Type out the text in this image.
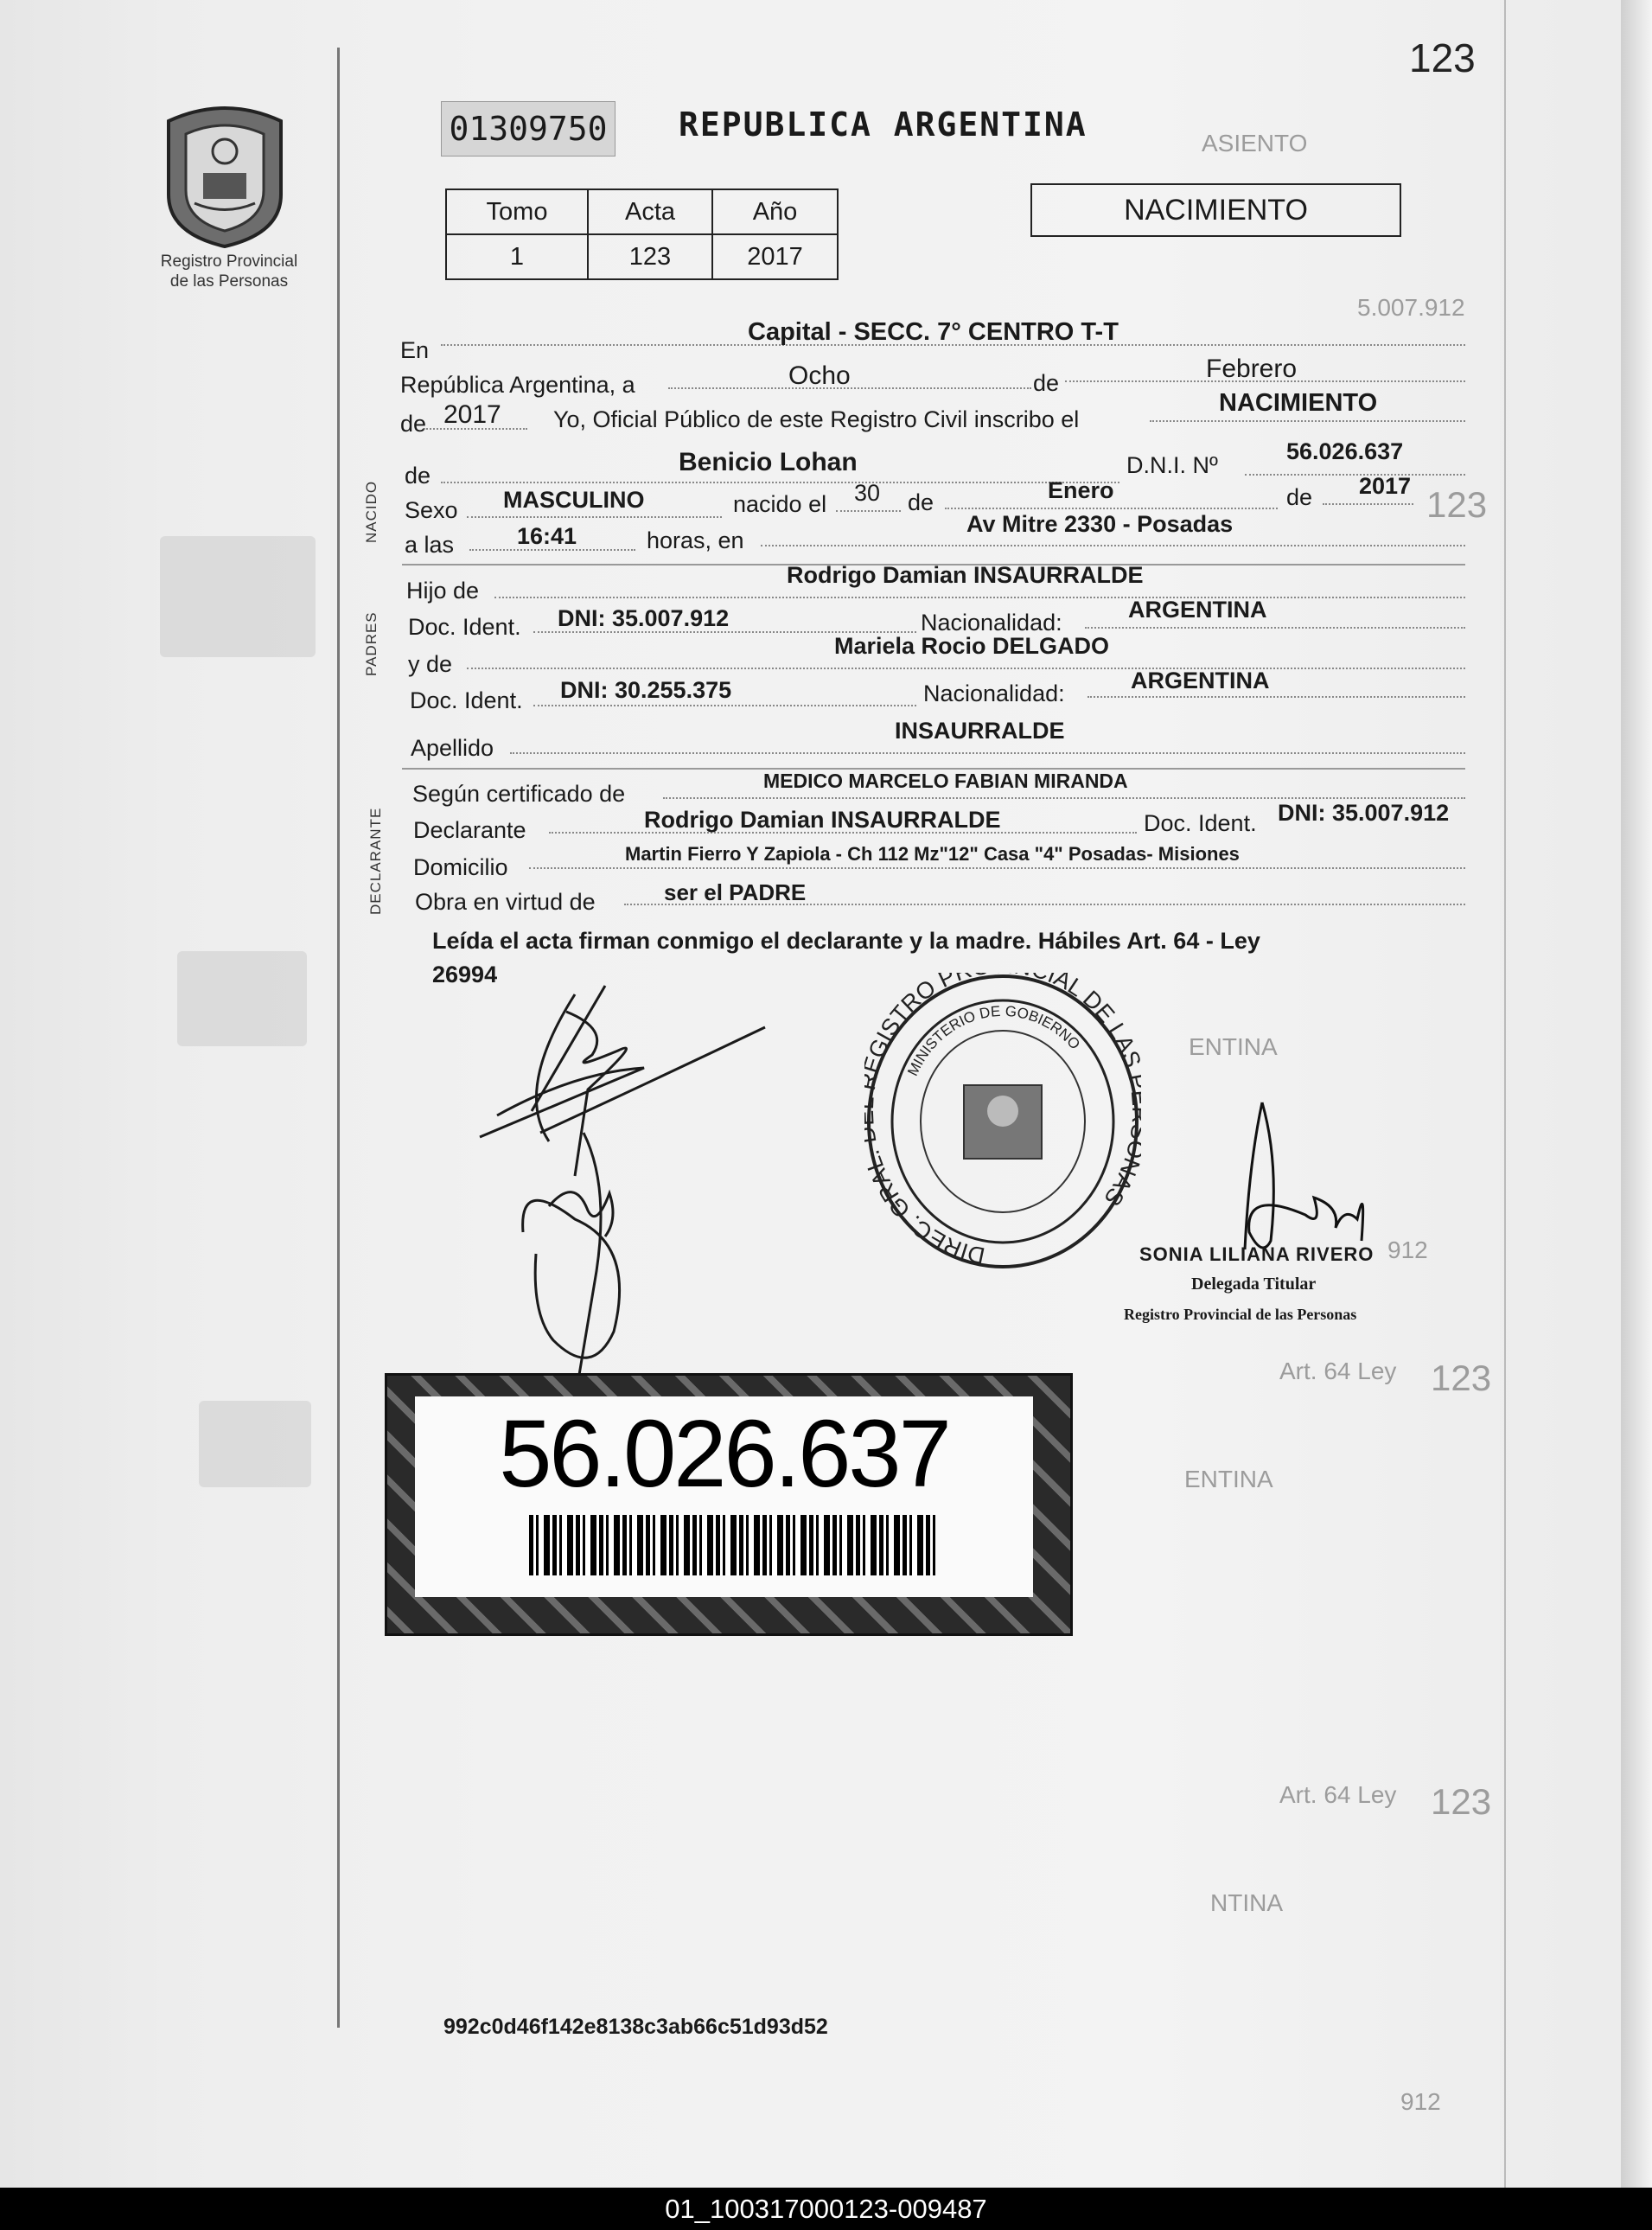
ASIENTO
5.007.912
123
ENTINA
912
Art. 64 Ley 123
ENTINA
Art. 64 Ley 123
NTINA
912
123
Registro Provincial
de las Personas
01309750 REPUBLICA ARGENTINA
Tomo	Acta	Año
1	123	2017
NACIMIENTO
En
Capital - SECC. 7° CENTRO T-T
República Argentina, a	Ocho	de	Febrero
de 2017 Yo, Oficial Público de este Registro Civil inscribo el
NACIMIENTO
NACIDO
de	Benicio Lohan	D.N.I. Nº
56.026.637
Sexo MASCULINO	nacido el 30 de	Enero	de 2017
a las	16:41	horas, en
Av Mitre 2330 - Posadas
PADRES
Hijo de
Rodrigo Damian INSAURRALDE
Doc. Ident. DNI: 35.007.912	Nacionalidad:	ARGENTINA
y de
Mariela Rocio DELGADO
Doc. Ident. DNI: 30.255.375	Nacionalidad:	ARGENTINA
Apellido
INSAURRALDE
DECLARANTE
Según certificado de	MEDICO MARCELO FABIAN MIRANDA
Declarante	Rodrigo Damian INSAURRALDE	Doc. Ident. DNI: 35.007.912
Domicilio
Martin Fierro Y Zapiola - Ch 112 Mz"12" Casa "4" Posadas- Misiones
Obra en virtud de	ser el PADRE
Leída el acta firman conmigo el declarante y la madre. Hábiles Art. 64 - Ley
26994
DIREC. GRA GISTRO P IAL DE LA AS
MINISTERIO DE GOBIERNO
SONIA LILIANA RIVERO
Delegada Titular
Registro Provincial de las Personas
56.026.637
992c0d46f142e8138c3ab66c51d93d52
01_100317000123-009487
